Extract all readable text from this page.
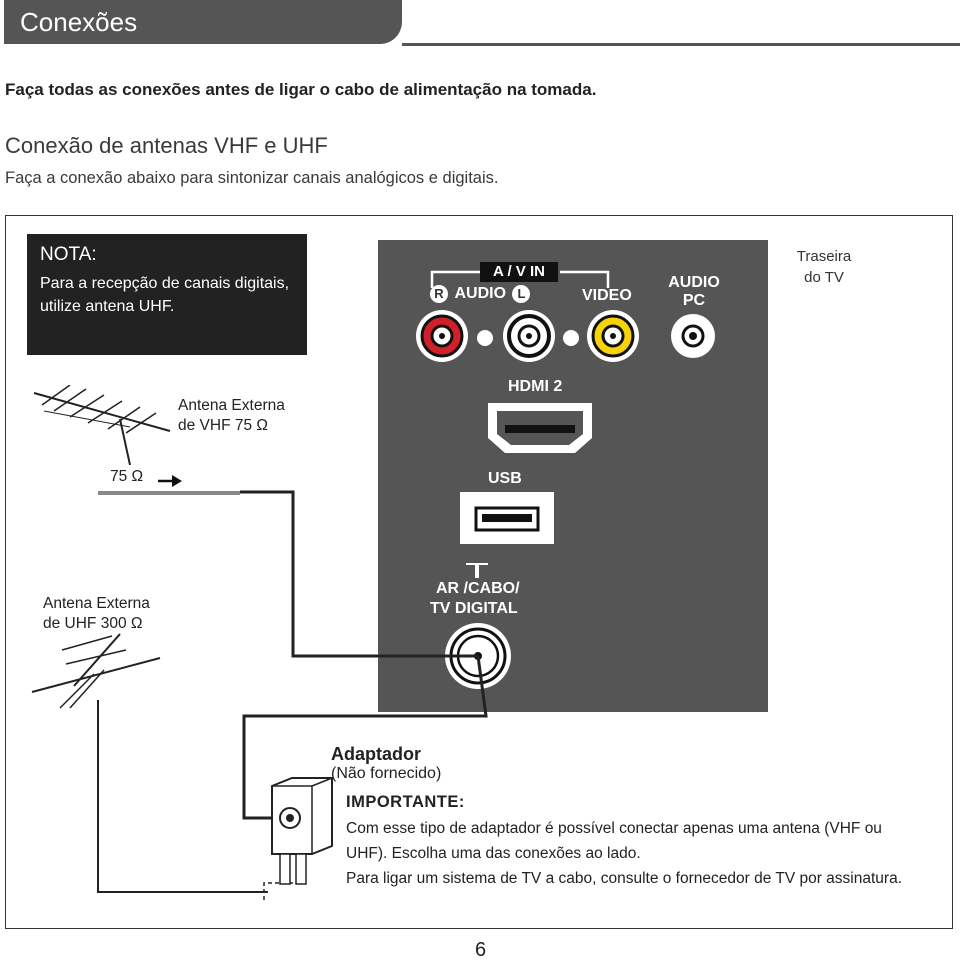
Conexões
Faça todas as conexões antes de ligar o cabo de alimentação na tomada.
Conexão de antenas VHF e UHF
Faça a conexão abaixo para sintonizar canais analógicos e digitais.
NOTA:
Para a recepção de canais digitais,
utilize antena UHF.
A / V IN
R AUDIO L	VIDEO
AUDIO
PC
HDMI 2
USB
AR /CABO/
TV DIGITAL
Traseira
do TV
Antena Externa
de VHF 75 Ω
75 Ω
Antena Externa
de UHF 300 Ω
Adaptador
(Não fornecido)
IMPORTANTE:
Com esse tipo de adaptador é possível conectar apenas uma antena (VHF ou
UHF). Escolha uma das conexões ao lado.
Para ligar um sistema de TV a cabo, consulte o fornecedor de TV por assinatura.
6
